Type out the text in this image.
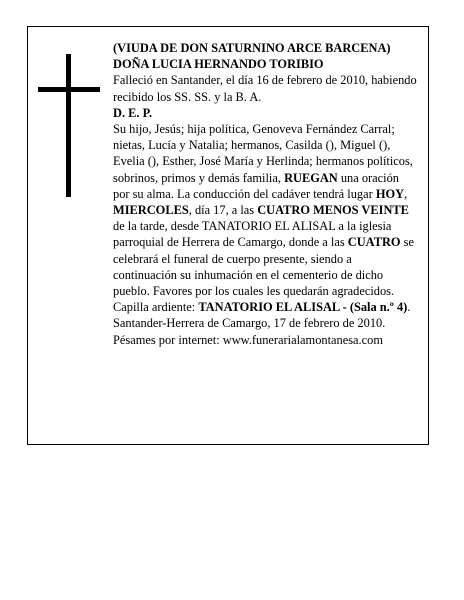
(VIUDA DE DON SATURNINO ARCE BARCENA)

DOÑA LUCIA HERNANDO TORIBIO

Falleció en Santander, el día 16 de febrero de 2010, habiendo recibido los SS. SS. y la B. A.

D. E. P.

Su hijo, Jesús; hija política, Genoveva Fernández Carral; nietas, Lucía y Natalia; hermanos, Casilda (), Miguel (), Evelia (), Esther, José María y Herlinda; hermanos políticos, sobrinos, primos y demás familia, RUEGAN una oración por su alma. La conducción del cadáver tendrá lugar HOY, MIERCOLES, día 17, a las CUATRO MENOS VEINTE de la tarde, desde TANATORIO EL ALISAL a la iglesia parroquial de Herrera de Camargo, donde a las CUATRO se celebrará el funeral de cuerpo presente, siendo a continuación su inhumación en el cementerio de dicho pueblo. Favores por los cuales les quedarán agradecidos.

Capilla ardiente: TANATORIO EL ALISAL - (Sala n.º 4).

Santander-Herrera de Camargo, 17 de febrero de 2010.

Pésames por internet: www.funerarialamontanesa.com
